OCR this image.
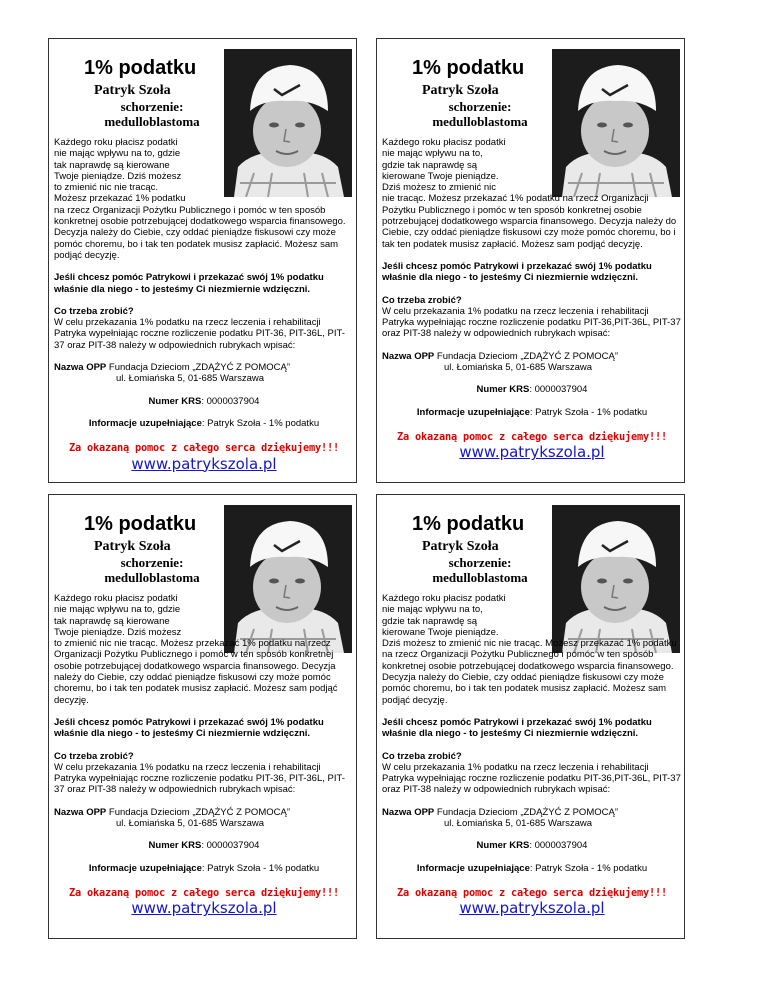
1% podatku
Patryk Szoła
schorzenie:
medulloblastoma
Każdego roku płacisz podatki
nie mając wpływu na to, gdzie
tak naprawdę są kierowane
Twoje pieniądze. Dziś możesz
to zmienić nic nie tracąc.
Możesz przekazać 1% podatku

na rzecz Organizacji Pożytku Publicznego i pomóc w ten sposób konkretnej osobie potrzebującej dodatkowego wsparcia finansowego. Decyzja należy do Ciebie, czy oddać pieniądze fiskusowi czy może pomóc choremu, bo i tak ten podatek musisz zapłacić. Możesz sam podjąć decyzję.

Jeśli chcesz pomóc Patrykowi i przekazać swój 1% podatku właśnie dla niego - to jesteśmy Ci niezmiernie wdzięczni.

Co trzeba zrobić?

W celu przekazania 1% podatku na rzecz leczenia i rehabilitacji Patryka wypełniając roczne rozliczenie podatku PIT-36, PIT-36L, PIT-37 oraz PIT-38 należy w odpowiednich rubrykach wpisać:

Nazwa OPP Fundacja Dzieciom „ZDĄŻYĆ Z POMOCĄ”

ul. Łomiańska 5, 01-685 Warszawa

Numer KRS: 0000037904

Informacje uzupełniające: Patryk Szoła - 1% podatku

Za okazaną pomoc z całego serca dziękujemy!!!

www.patrykszola.pl

1% podatku
Patryk Szoła
schorzenie:
medulloblastoma
Każdego roku płacisz podatki
nie mając wpływu na to,
gdzie tak naprawdę są
kierowane Twoje pieniądze.
Dziś możesz to zmienić nic

nie tracąc. Możesz przekazać 1% podatku na rzecz Organizacji Pożytku Publicznego i pomóc w ten sposób konkretnej osobie potrzebującej dodatkowego wsparcia finansowego. Decyzja należy do Ciebie, czy oddać pieniądze fiskusowi czy może pomóc choremu, bo i tak ten podatek musisz zapłacić. Możesz sam podjąć decyzję.

Jeśli chcesz pomóc Patrykowi i przekazać swój 1% podatku właśnie dla niego - to jesteśmy Ci niezmiernie wdzięczni.

Co trzeba zrobić?

W celu przekazania 1% podatku na rzecz leczenia i rehabilitacji Patryka wypełniając roczne rozliczenie podatku PIT-36,PIT-36L, PIT-37 oraz PIT-38 należy w odpowiednich rubrykach wpisać:

Nazwa OPP Fundacja Dzieciom „ZDĄŻYĆ Z POMOCĄ”

ul. Łomiańska 5, 01-685 Warszawa

Numer KRS: 0000037904

Informacje uzupełniające: Patryk Szoła - 1% podatku

Za okazaną pomoc z całego serca dziękujemy!!!

www.patrykszola.pl

1% podatku
Patryk Szoła
schorzenie:
medulloblastoma
Każdego roku płacisz podatki
nie mając wpływu na to, gdzie
tak naprawdę są kierowane
Twoje pieniądze. Dziś możesz

to zmienić nic nie tracąc. Możesz przekazać 1% podatku na rzecz Organizacji Pożytku Publicznego i pomóc w ten sposób konkretnej osobie potrzebującej dodatkowego wsparcia finansowego. Decyzja należy do Ciebie, czy oddać pieniądze fiskusowi czy może pomóc choremu, bo i tak ten podatek musisz zapłacić. Możesz sam podjąć decyzję.

Jeśli chcesz pomóc Patrykowi i przekazać swój 1% podatku właśnie dla niego - to jesteśmy Ci niezmiernie wdzięczni.

Co trzeba zrobić?

W celu przekazania 1% podatku na rzecz leczenia i rehabilitacji Patryka wypełniając roczne rozliczenie podatku PIT-36, PIT-36L, PIT-37 oraz PIT-38 należy w odpowiednich rubrykach wpisać:

Nazwa OPP Fundacja Dzieciom „ZDĄŻYĆ Z POMOCĄ”

ul. Łomiańska 5, 01-685 Warszawa

Numer KRS: 0000037904

Informacje uzupełniające: Patryk Szoła - 1% podatku

Za okazaną pomoc z całego serca dziękujemy!!!

www.patrykszola.pl

1% podatku
Patryk Szoła
schorzenie:
medulloblastoma
Każdego roku płacisz podatki
nie mając wpływu na to,
gdzie tak naprawdę są
kierowane Twoje pieniądze.

Dziś możesz to zmienić nic nie tracąc. Możesz przekazać 1% podatku na rzecz Organizacji Pożytku Publicznego i pomóc w ten sposób konkretnej osobie potrzebującej dodatkowego wsparcia finansowego. Decyzja należy do Ciebie, czy oddać pieniądze fiskusowi czy może pomóc choremu, bo i tak ten podatek musisz zapłacić. Możesz sam podjąć decyzję.

Jeśli chcesz pomóc Patrykowi i przekazać swój 1% podatku właśnie dla niego - to jesteśmy Ci niezmiernie wdzięczni.

Co trzeba zrobić?

W celu przekazania 1% podatku na rzecz leczenia i rehabilitacji Patryka wypełniając roczne rozliczenie podatku PIT-36,PIT-36L, PIT-37 oraz PIT-38 należy w odpowiednich rubrykach wpisać:

Nazwa OPP Fundacja Dzieciom „ZDĄŻYĆ Z POMOCĄ”

ul. Łomiańska 5, 01-685 Warszawa

Numer KRS: 0000037904

Informacje uzupełniające: Patryk Szoła - 1% podatku

Za okazaną pomoc z całego serca dziękujemy!!!

www.patrykszola.pl
